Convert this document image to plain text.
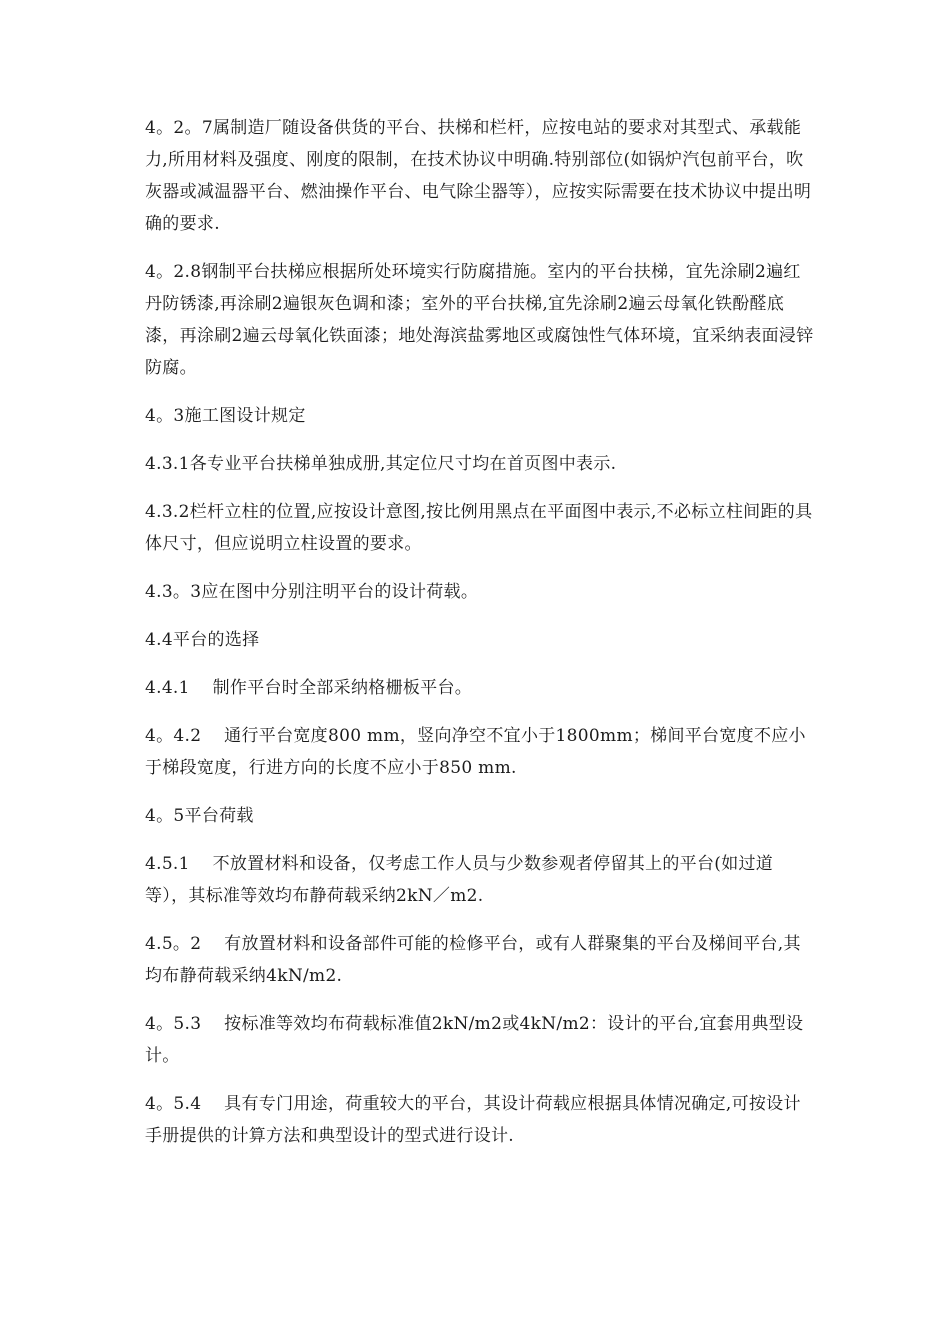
4。2。7属制造厂随设备供货的平台、扶梯和栏杆，应按电站的要求对其型式、承载能力,所用材料及强度、刚度的限制，在技术协议中明确.特别部位(如锅炉汽包前平台，吹灰器或减温器平台、燃油操作平台、电气除尘器等），应按实际需要在技术协议中提出明确的要求.

4。2.8钢制平台扶梯应根据所处环境实行防腐措施。室内的平台扶梯，宜先涂刷2遍红丹防锈漆,再涂刷2遍银灰色调和漆；室外的平台扶梯,宜先涂刷2遍云母氧化铁酚醛底漆，再涂刷2遍云母氧化铁面漆；地处海滨盐雾地区或腐蚀性气体环境，宜采纳表面浸锌防腐。

4。3施工图设计规定

4.3.1各专业平台扶梯单独成册,其定位尺寸均在首页图中表示.

4.3.2栏杆立柱的位置,应按设计意图,按比例用黑点在平面图中表示,不必标立柱间距的具体尺寸，但应说明立柱设置的要求。

4.3。3应在图中分别注明平台的设计荷载。

4.4平台的选择

4.4.1    制作平台时全部采纳格栅板平台。

4。4.2    通行平台宽度800 mm，竖向净空不宜小于1800mm；梯间平台宽度不应小于梯段宽度，行进方向的长度不应小于850 mm.

4。5平台荷载

4.5.1    不放置材料和设备，仅考虑工作人员与少数参观者停留其上的平台(如过道等），其标准等效均布静荷载采纳2kN／m2.

4.5。2    有放置材料和设备部件可能的检修平台，或有人群聚集的平台及梯间平台,其均布静荷载采纳4kN/m2.

4。5.3    按标准等效均布荷载标准值2kN/m2或4kN/m2：设计的平台,宜套用典型设计。

4。5.4    具有专门用途，荷重较大的平台，其设计荷载应根据具体情况确定,可按设计手册提供的计算方法和典型设计的型式进行设计.
